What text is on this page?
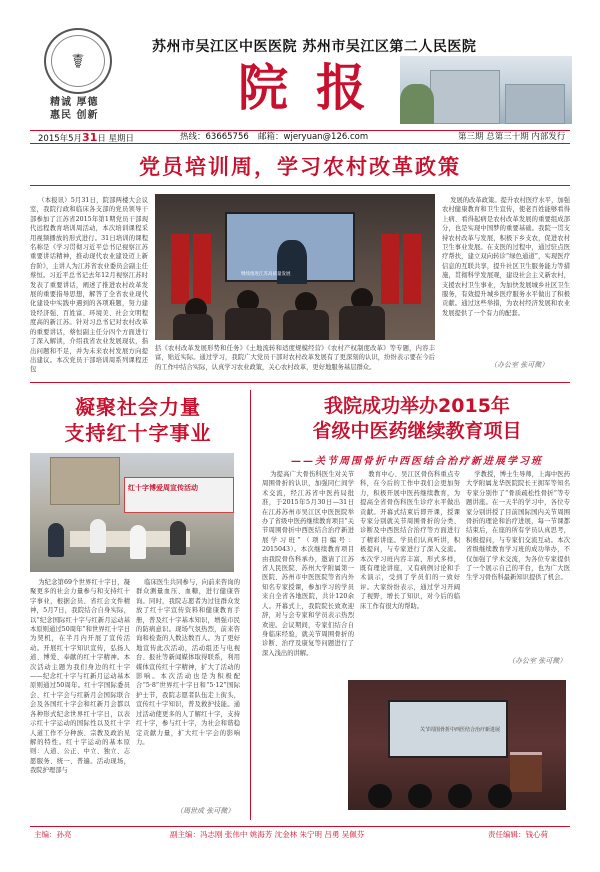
☤
精诚 厚德
惠民 创新
苏州市吴江区中医医院 苏州市吴江区第二人民医院
院报
2015年5月31日 星期日	热线：63665756 邮箱：wjeryuan@126.com	第三期 总第三十期 内部发行
党员培训周，学习农村改革政策
（本报讯）5月31日，院部两楼大会议室，我院行政和临床各支部的党员领导干部参加了江苏省2015年第1期党员干部现代远程教育培训周活动，本次培训课程采用视频播放的形式进行。31日培训的课程名称是《学习贯彻习近平总书记视察江苏重要讲话精神，推动现代农业建设迈上新台阶》，主讲人为江苏省农业委员会副主任蔡恒。习近平总书记去年12月视察江苏时发表了重要讲话，阐述了推进农村改革发展的重要指导思想，解答了全省农业现代化建设中实践中遇到的各项难题，努力建设经济强、百姓富、环境美、社会文明程度高的新江苏。针对习总书记对农村改革的重要讲话，蔡恒副主任分四个方面进行了深入解读，介绍我省农业发展现状，指出问题和不足，并为未来农村发展方向提出建议。本次党员干部培训周系列课程还包
继续推进江苏高质量发展
括《农村改革发展形势和任务》《土地流转和适度规模经营》《农村产权制度改革》等专题，内容丰富，贴近实际。通过学习，我院广大党员干部对农村改革发展有了更深刻的认识，纷纷表示要在今后的工作中结合实际，认真学习农业政策，关心农村改革，更好地服务基层群众。
发展的改革政策。提升农村医疗水平，加强农村健康教育和卫生宣传，使老百姓能够看得上病、看得起病是农村改革发展的重要组成部分，也是实现中国梦的重要基础。我院一贯支持农村改革与发展，积极下乡支农，促进农村卫生事业发展。在支医的过程中，通过驻点医疗帮扶，建立双向转诊“绿色通道”，实现医疗信息的互联共享，提升社区卫生服务能力等措施，贯彻科学发展观，建设社会主义新农村，支援农村卫生事业，为加快发展城乡社区卫生服务，有效提升城乡医疗服务水平做出了积极贡献。通过这些举措，为农村经济发展和农业发展提供了一个有力的配套。
（办公室 张可微）
凝聚社会力量
支持红十字事业
红十字博爱周宣传活动
为纪念第69个世界红十字日，凝聚更多的社会力量参与和支持红十字事业，根据会员、省红会文件精神，5月7日，我院结合自身实际，以“纪念国际红十字与红新月运动基本原则通过50周年”和世界红十字日为契机，在半月内开展了宣传活动。开展红十字知识宣传，弘扬人道、博爱、奉献的红十字精神。本次活动主题为我们身边的红十字——纪念红十字与红新月运动基本原则通过50周年。红十字国际委员会、红十字会与红新月会国际联合会及各国红十字会和红新月会都以各种形式纪念世界红十字日，以表示红十字运动的国际性以及红十字人道工作不分种族、宗教及政治见解的特性。红十字运动的基本原则：人道、公正、中立、独立、志愿服务、统一、普遍。活动现场，我院护理部与
临床医生共同参与，向前来咨询的群众测量血压、血糖，进行健康咨询。同时，我院志愿者为过往群众发放了红十字宣传资料和健康教育手册，普及红十字基本知识，增强市民的防病意识。现场气氛热烈，前来咨询和检查的人数达数百人。为了更好地宣传此次活动，活动组还与电视台、报社等新闻媒体取得联系，利用媒体宣传红十字精神，扩大了活动的影响。本次活动也是为积极配合“5·8”世界红十字日和“5·12”国际护士节，我院志愿者队伍走上街头，宣传红十字知识，普及救护技能。通过活动使更多的人了解红十字，支持红十字，参与红十字，为社会和谐稳定贡献力量，扩大红十字会的影响力。
（周世成 张可微）
我院成功举办2015年
省级中医药继续教育项目
——关节周围骨折中西医结合治疗新进展学习班
为提高广大骨伤科医生对关节周围骨折的认识，加强同仁间学术交流，经江苏省中医药局批准，于2015年5月30日—31日在江苏苏州市吴江区中医医院举办了省级中医药继续教育项目“关节周围骨折中西医结合治疗新进展学习班”（项目编号：2015043）。本次继续教育项目由我院骨伤科承办，邀请了江苏省人民医院、苏州大学附属第一医院、苏州市中医医院等省内外知名专家授课，参加学习的学员来自全省各地医院，共计120余人。开幕式上，我院院长致欢迎辞，对与会专家和学员表示热烈欢迎。会议期间，专家们结合自身临床经验，就关节周围骨折的诊断、治疗及康复等问题进行了深入浅出的讲解。
教育中心、吴江区骨伤科重点专科，在今后的工作中我们会更加努力，积极开展中医药继续教育，为提高全省骨伤科医生诊疗水平做出贡献。开幕式结束后即开课，授课专家分别就关节周围骨折的分类、诊断及中西医结合治疗等方面进行了精彩讲座。学员们认真听讲，积极提问，与专家进行了深入交流。本次学习班内容丰富，形式多样，既有理论讲座，又有病例讨论和手术演示，受到了学员们的一致好评。大家纷纷表示，通过学习开阔了视野，增长了知识，对今后的临床工作有很大的帮助。
学教授，博士生导师，上海中医药大学附属龙华医院院长王拥军等知名专家分别作了“骨质疏松性骨折”等专题讲座。在一天半的学习中，各位专家分别讲授了目前国际国内关节周围骨折的理论和治疗进展，每一节课都结束后，在座的所有学员认真思考，积极提问，与专家们交流互动。本次省级继续教育学习班的成功举办，不仅加强了学术交流，为各位专家提供了一个展示自己的平台，也为广大医生学习骨伤科最新知识提供了机会。
（办公室 张可微）
关节周围骨折中西医结合治疗新进展
主编：孙亮	副主编：冯志刚 张伟中 姚海芳 沈金林 朱宁明 吕勇 吴佩芬	责任编辑：钱心荷
